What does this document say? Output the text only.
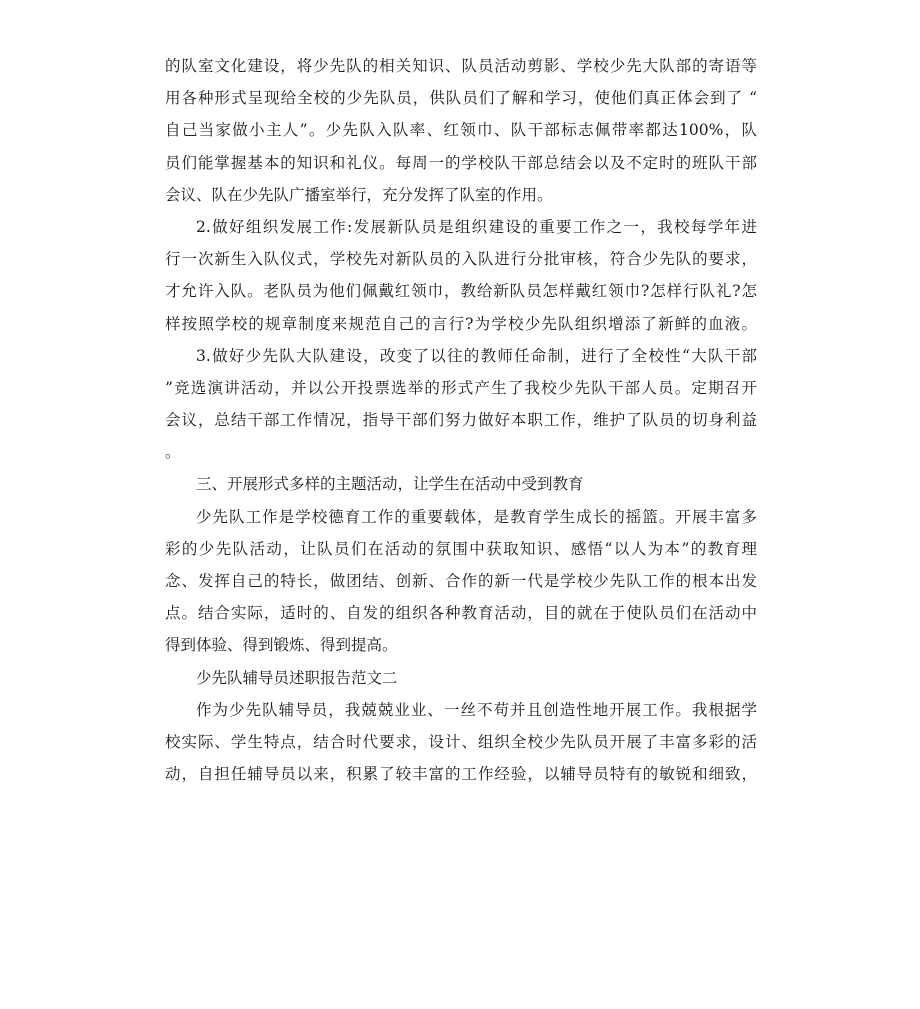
的队室文化建设，将少先队的相关知识、队员活动剪影、学校少先大队部的寄语等
用各种形式呈现给全校的少先队员，供队员们了解和学习，使他们真正体会到了 “
自己当家做小主人”。少先队入队率、红领巾、队干部标志佩带率都达100%，队
员们能掌握基本的知识和礼仪。每周一的学校队干部总结会以及不定时的班队干部
会议、队在少先队广播室举行，充分发挥了队室的作用。
2.做好组织发展工作:发展新队员是组织建设的重要工作之一，我校每学年进
行一次新生入队仪式，学校先对新队员的入队进行分批审核，符合少先队的要求，
才允许入队。老队员为他们佩戴红领巾，教给新队员怎样戴红领巾?怎样行队礼?怎
样按照学校的规章制度来规范自己的言行?为学校少先队组织增添了新鲜的血液。
3.做好少先队大队建设，改变了以往的教师任命制，进行了全校性“大队干部
”竞选演讲活动，并以公开投票选举的形式产生了我校少先队干部人员。定期召开
会议，总结干部工作情况，指导干部们努力做好本职工作，维护了队员的切身利益
。
三、开展形式多样的主题活动，让学生在活动中受到教育
少先队工作是学校德育工作的重要载体，是教育学生成长的摇篮。开展丰富多
彩的少先队活动，让队员们在活动的氛围中获取知识、感悟“以人为本”的教育理
念、发挥自己的特长，做团结、创新、合作的新一代是学校少先队工作的根本出发
点。结合实际，适时的、自发的组织各种教育活动，目的就在于使队员们在活动中
得到体验、得到锻炼、得到提高。
少先队辅导员述职报告范文二
作为少先队辅导员，我兢兢业业、一丝不苟并且创造性地开展工作。我根据学
校实际、学生特点，结合时代要求，设计、组织全校少先队员开展了丰富多彩的活
动，自担任辅导员以来，积累了较丰富的工作经验，以辅导员特有的敏锐和细致，
